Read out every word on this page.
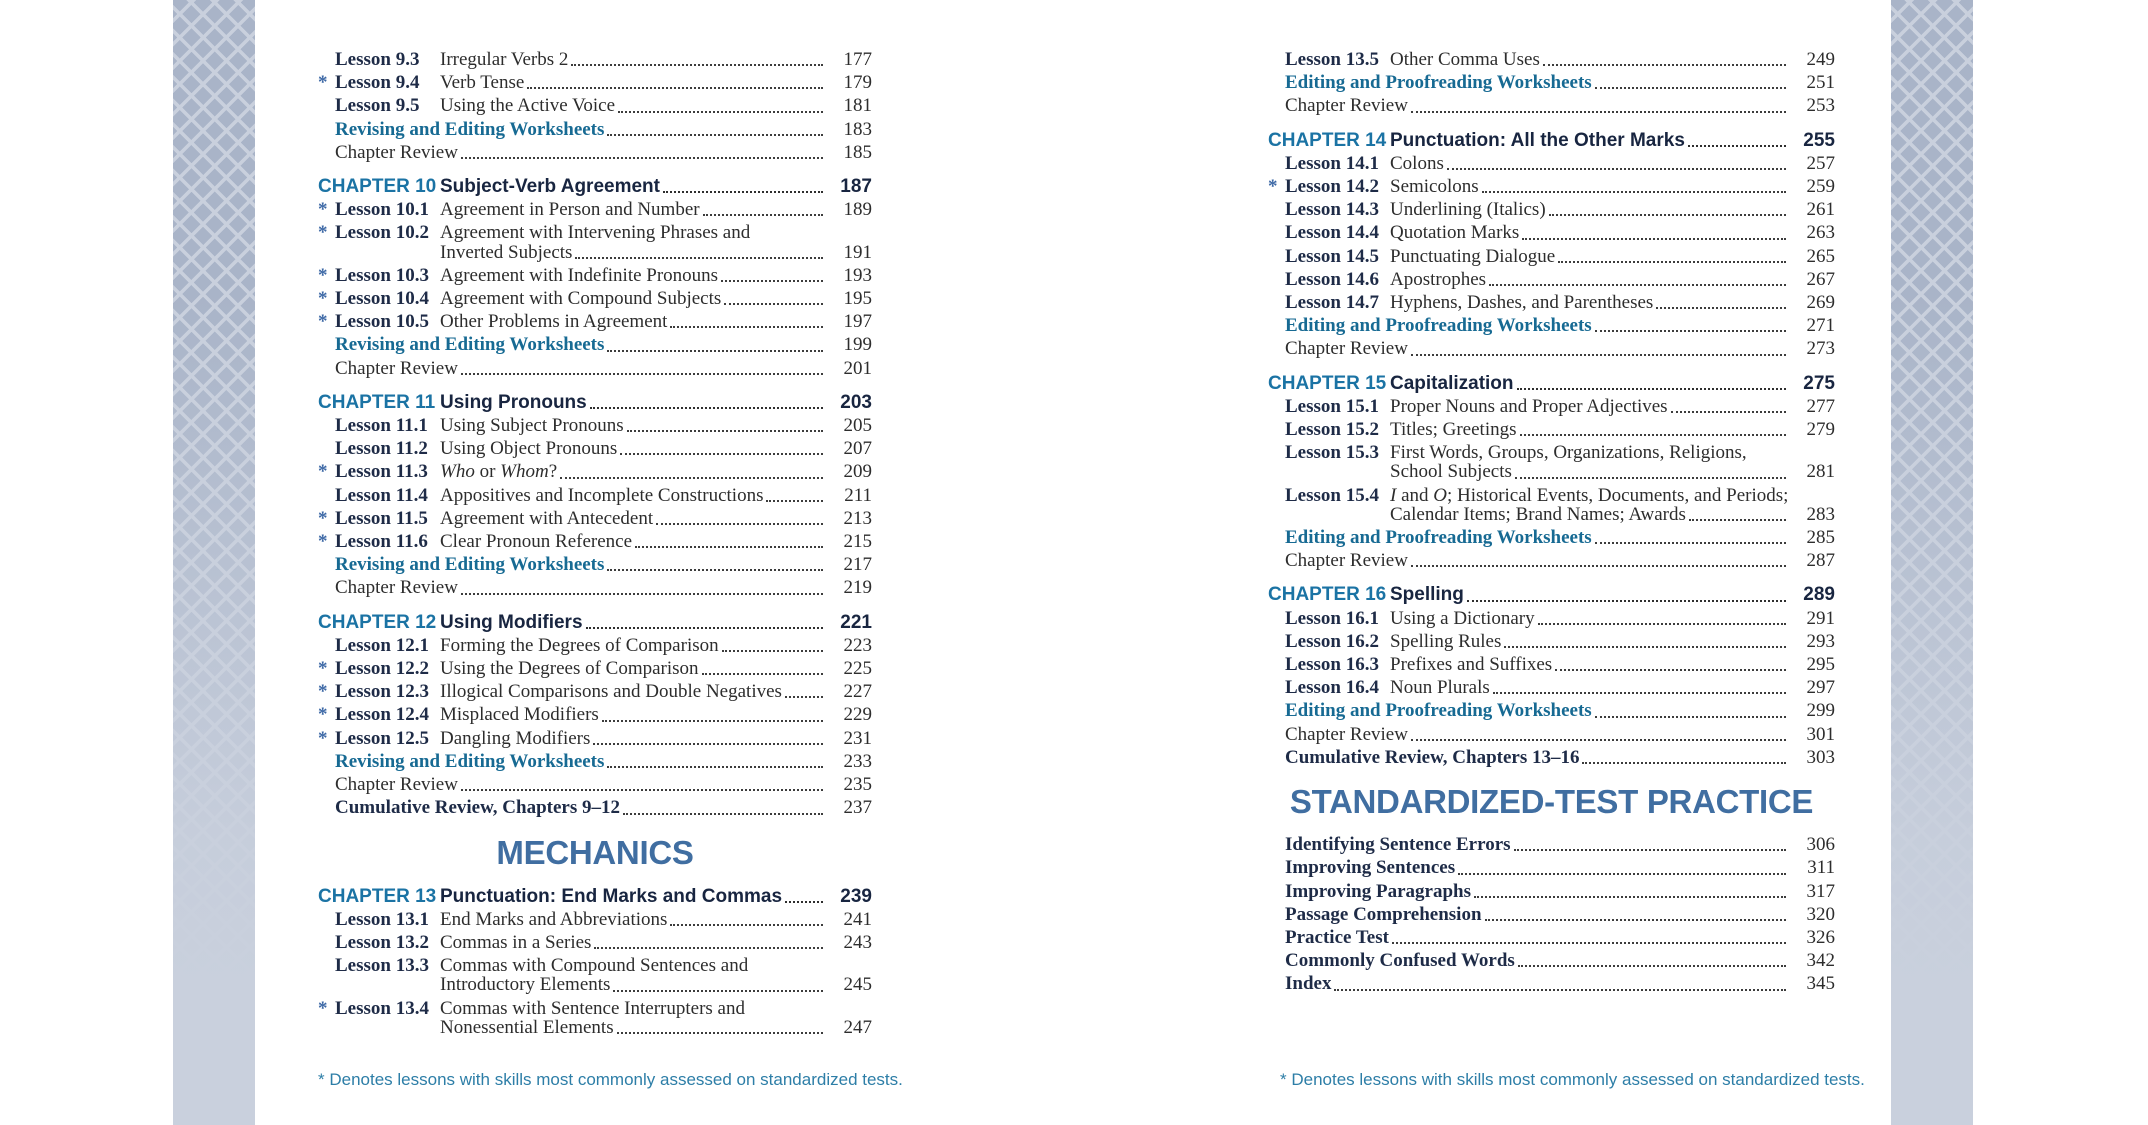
Lesson 9.3	Irregular Verbs 2	177
* Lesson 9.4	Verb Tense	179
Lesson 9.5	Using the Active Voice	181
Revising and Editing Worksheets	183
Chapter Review	185
CHAPTER 10 Subject-Verb Agreement	187
* Lesson 10.1 Agreement in Person and Number	189
* Lesson 10.2 Agreement with Intervening Phrases and
Inverted Subjects	191
* Lesson 10.3 Agreement with Indefinite Pronouns	193
* Lesson 10.4 Agreement with Compound Subjects	195
* Lesson 10.5 Other Problems in Agreement	197
Revising and Editing Worksheets	199
Chapter Review	201
CHAPTER 11 Using Pronouns	203
Lesson 11.1 Using Subject Pronouns	205
Lesson 11.2 Using Object Pronouns	207
* Lesson 11.3 Who or Whom?	209
Lesson 11.4 Appositives and Incomplete Constructions	211
* Lesson 11.5 Agreement with Antecedent	213
* Lesson 11.6 Clear Pronoun Reference	215
Revising and Editing Worksheets	217
Chapter Review	219
CHAPTER 12 Using Modifiers	221
Lesson 12.1 Forming the Degrees of Comparison	223
* Lesson 12.2 Using the Degrees of Comparison	225
* Lesson 12.3 Illogical Comparisons and Double Negatives	227
* Lesson 12.4 Misplaced Modifiers	229
* Lesson 12.5 Dangling Modifiers	231
Revising and Editing Worksheets	233
Chapter Review	235
Cumulative Review, Chapters 9–12	237
MECHANICS
CHAPTER 13 Punctuation: End Marks and Commas	239
Lesson 13.1 End Marks and Abbreviations	241
Lesson 13.2 Commas in a Series	243
Lesson 13.3 Commas with Compound Sentences and
Introductory Elements	245
* Lesson 13.4 Commas with Sentence Interrupters and
Nonessential Elements	247
Lesson 13.5 Other Comma Uses	249
Editing and Proofreading Worksheets	251
Chapter Review	253
CHAPTER 14 Punctuation: All the Other Marks	255
Lesson 14.1 Colons	257
* Lesson 14.2 Semicolons	259
Lesson 14.3 Underlining (Italics)	261
Lesson 14.4 Quotation Marks	263
Lesson 14.5 Punctuating Dialogue	265
Lesson 14.6 Apostrophes	267
Lesson 14.7 Hyphens, Dashes, and Parentheses	269
Editing and Proofreading Worksheets	271
Chapter Review	273
CHAPTER 15 Capitalization	275
Lesson 15.1 Proper Nouns and Proper Adjectives	277
Lesson 15.2 Titles; Greetings	279
Lesson 15.3 First Words, Groups, Organizations, Religions,
School Subjects	281
Lesson 15.4 I and O; Historical Events, Documents, and Periods;
Calendar Items; Brand Names; Awards	283
Editing and Proofreading Worksheets	285
Chapter Review	287
CHAPTER 16 Spelling	289
Lesson 16.1 Using a Dictionary	291
Lesson 16.2 Spelling Rules	293
Lesson 16.3 Prefixes and Suffixes	295
Lesson 16.4 Noun Plurals	297
Editing and Proofreading Worksheets	299
Chapter Review	301
Cumulative Review, Chapters 13–16	303
STANDARDIZED-TEST PRACTICE
Identifying Sentence Errors	306
Improving Sentences	311
Improving Paragraphs	317
Passage Comprehension	320
Practice Test	326
Commonly Confused Words	342
Index	345

* Denotes lessons with skills most commonly assessed on standardized tests.	* Denotes lessons with skills most commonly assessed on standardized tests.
